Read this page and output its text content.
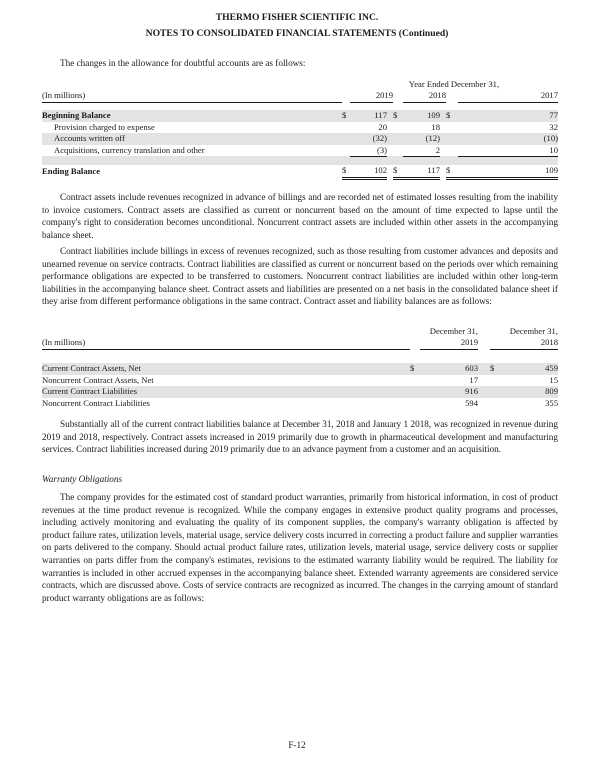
THERMO FISHER SCIENTIFIC INC.
NOTES TO CONSOLIDATED FINANCIAL STATEMENTS (Continued)
The changes in the allowance for doubtful accounts are as follows:
		Year Ended December 31,						
(In millions)		2019			2018			2017

Beginning Balance	$	117		$	109		$	77
Provision charged to expense		20			18			32
Accounts written off		(32)			(12)			(10)
Acquisitions, currency translation and other		(3)			2			10

Ending Balance	$	102		$	117		$	109
Contract assets include revenues recognized in advance of billings and are recorded net of estimated losses resulting from the inability to invoice customers. Contract assets are classified as current or noncurrent based on the amount of time expected to lapse until the company's right to consideration becomes unconditional. Noncurrent contract assets are included within other assets in the accompanying balance sheet.
Contract liabilities include billings in excess of revenues recognized, such as those resulting from customer advances and deposits and unearned revenue on service contracts. Contract liabilities are classified as current or noncurrent based on the periods over which remaining performance obligations are expected to be transferred to customers. Noncurrent contract liabilities are included within other long-term liabilities in the accompanying balance sheet. Contract assets and liabilities are presented on a net basis in the consolidated balance sheet if they arise from different performance obligations in the same contract. Contract asset and liability balances are as follows:
		December 31,			December 31,
(In millions)		2019			2018

Current Contract Assets, Net	$	603		$	459
Noncurrent Contract Assets, Net		17			15
Current Contract Liabilities		916			809
Noncurrent Contract Liabilities		594			355
Substantially all of the current contract liabilities balance at December 31, 2018 and January 1 2018, was recognized in revenue during 2019 and 2018, respectively. Contract assets increased in 2019 primarily due to growth in pharmaceutical development and manufacturing services. Contract liabilities increased during 2019 primarily due to an advance payment from a customer and an acquisition.
Warranty Obligations
The company provides for the estimated cost of standard product warranties, primarily from historical information, in cost of product revenues at the time product revenue is recognized. While the company engages in extensive product quality programs and processes, including actively monitoring and evaluating the quality of its component supplies, the company's warranty obligation is affected by product failure rates, utilization levels, material usage, service delivery costs incurred in correcting a product failure and supplier warranties on parts delivered to the company. Should actual product failure rates, utilization levels, material usage, service delivery costs or supplier warranties on parts differ from the company's estimates, revisions to the estimated warranty liability would be required. The liability for warranties is included in other accrued expenses in the accompanying balance sheet. Extended warranty agreements are considered service contracts, which are discussed above. Costs of service contracts are recognized as incurred. The changes in the carrying amount of standard product warranty obligations are as follows:
F-12
